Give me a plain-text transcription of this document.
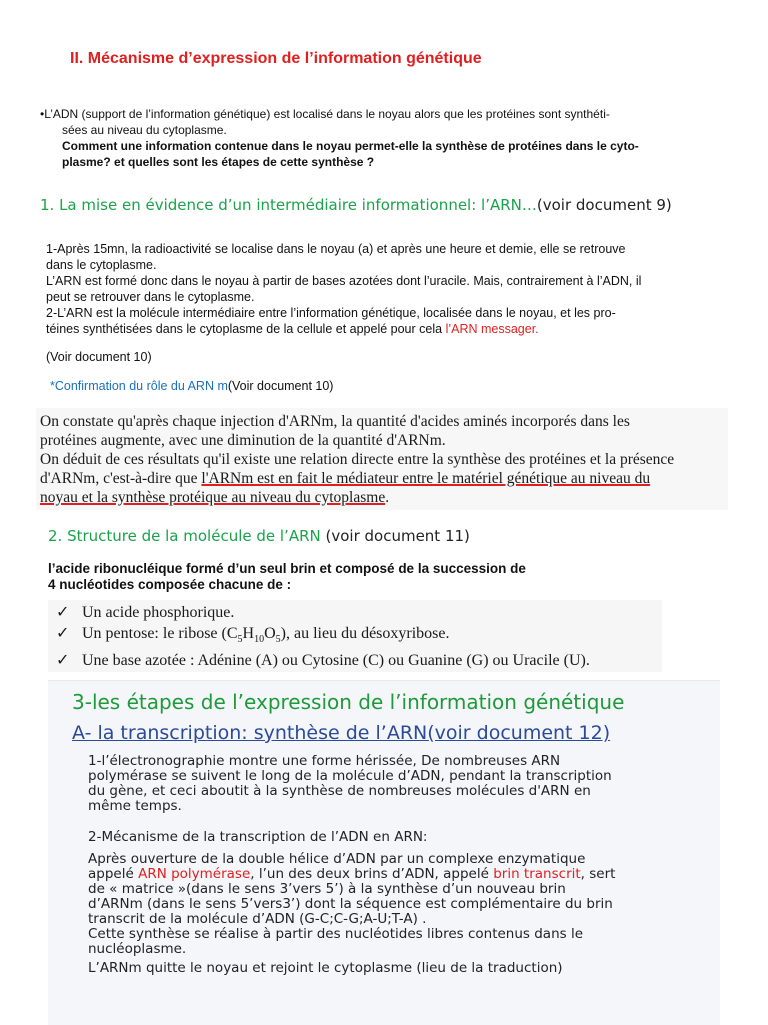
II. Mécanisme d’expression de l’information génétique
•L’ADN (support de l’information génétique) est localisé dans le noyau alors que les protéines sont synthéti-
sées au niveau du cytoplasme.
Comment une information contenue dans le noyau permet-elle la synthèse de protéines dans le cyto-
plasme? et quelles sont les étapes de cette synthèse ?
1. La mise en évidence d’un intermédiaire informationnel: l’ARN…(voir document 9)
1-Après 15mn, la radioactivité se localise dans le noyau (a) et après une heure et demie, elle se retrouve
dans le cytoplasme.
L’ARN est formé donc dans le noyau à partir de bases azotées dont l’uracile. Mais, contrairement à l’ADN, il
peut se retrouver dans le cytoplasme.
2-L’ARN est la molécule intermédiaire entre l’information génétique, localisée dans le noyau, et les pro-
téines synthétisées dans le cytoplasme de la cellule et appelé pour cela l’ARN messager.
(Voir document 10)
*Confirmation du rôle du ARN m(Voir document 10)
On constate qu'après chaque injection d'ARNm, la quantité d'acides aminés incorporés dans les
protéines augmente, avec une diminution de la quantité d'ARNm.
On déduit de ces résultats qu'il existe une relation directe entre la synthèse des protéines et la présence
d'ARNm, c'est-à-dire que l'ARNm est en fait le médiateur entre le matériel génétique au niveau du
noyau et la synthèse protéique au niveau du cytoplasme.
2. Structure de la molécule de l’ARN (voir document 11)
l’acide ribonucléique formé d’un seul brin et composé de la succession de
4 nucléotides composée chacune de :
✓ Un acide phosphorique.
✓ Un pentose: le ribose $(C_5H_{10}O_5)$, au lieu du désoxyribose.
✓ Une base azotée : Adénine (A) ou Cytosine (C) ou Guanine (G) ou Uracile (U).
3-les étapes de l’expression de l’information génétique
A- la transcription: synthèse de l’ARN(voir document 12)
1-l’électronographie montre une forme hérissée, De nombreuses ARN
polymérase se suivent le long de la molécule d’ADN, pendant la transcription
du gène, et ceci aboutit à la synthèse de nombreuses molécules d'ARN en
même temps.
2-Mécanisme de la transcription de l’ADN en ARN:
Après ouverture de la double hélice d’ADN par un complexe enzymatique
appelé ARN polymérase, l’un des deux brins d’ADN, appelé brin transcrit, sert
de « matrice »(dans le sens 3’vers 5’) à la synthèse d’un nouveau brin
d’ARNm (dans le sens 5’vers3’) dont la séquence est complémentaire du brin
transcrit de la molécule d’ADN (G-C;C-G;A-U;T-A) .
Cette synthèse se réalise à partir des nucléotides libres contenus dans le
nucléoplasme.
L’ARNm quitte le noyau et rejoint le cytoplasme (lieu de la traduction)
